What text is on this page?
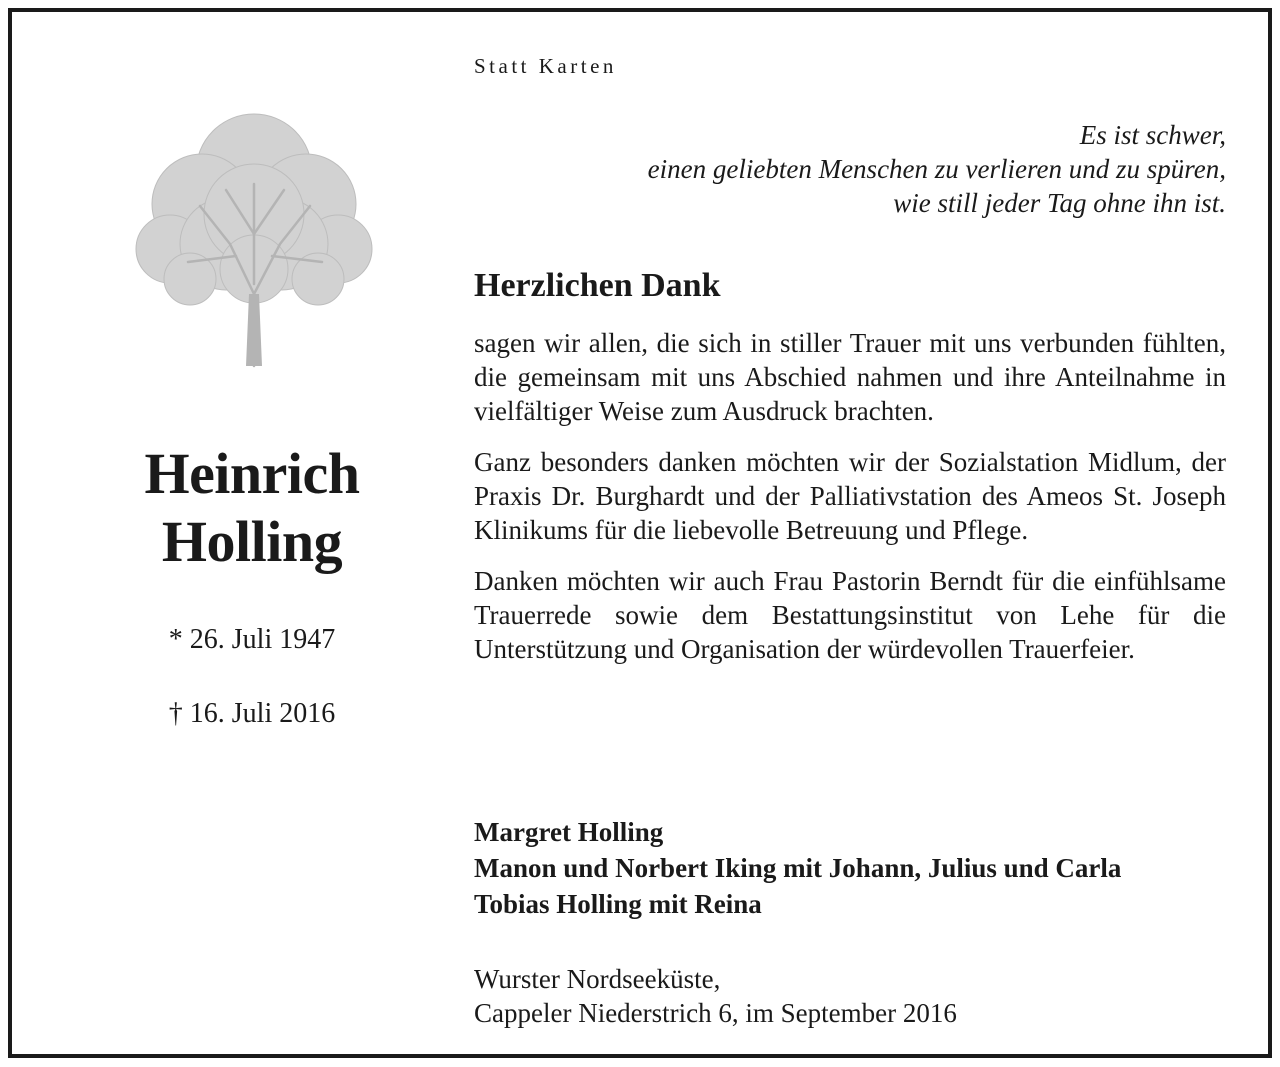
Heinrich
Holling
* 26. Juli 1947
† 16. Juli 2016
Statt Karten
Es ist schwer,
einen geliebten Menschen zu verlieren und zu spüren,
wie still jeder Tag ohne ihn ist.
Herzlichen Dank

sagen wir allen, die sich in stiller Trauer mit uns verbunden fühlten, die gemeinsam mit uns Abschied nahmen und ihre Anteilnahme in vielfältiger Weise zum Ausdruck brachten.

Ganz besonders danken möchten wir der Sozialstation Midlum, der Praxis Dr. Burghardt und der Palliativstation des Ameos St. Joseph Klinikums für die liebevolle Betreuung und Pflege.

Danken möchten wir auch Frau Pastorin Berndt für die einfühlsame Trauerrede sowie dem Bestattungsinstitut von Lehe für die Unterstützung und Organisation der würdevollen Trauerfeier.

Margret Holling
Manon und Norbert Iking mit Johann, Julius und Carla
Tobias Holling mit Reina
Wurster Nordseeküste,
Cappeler Niederstrich 6, im September 2016
